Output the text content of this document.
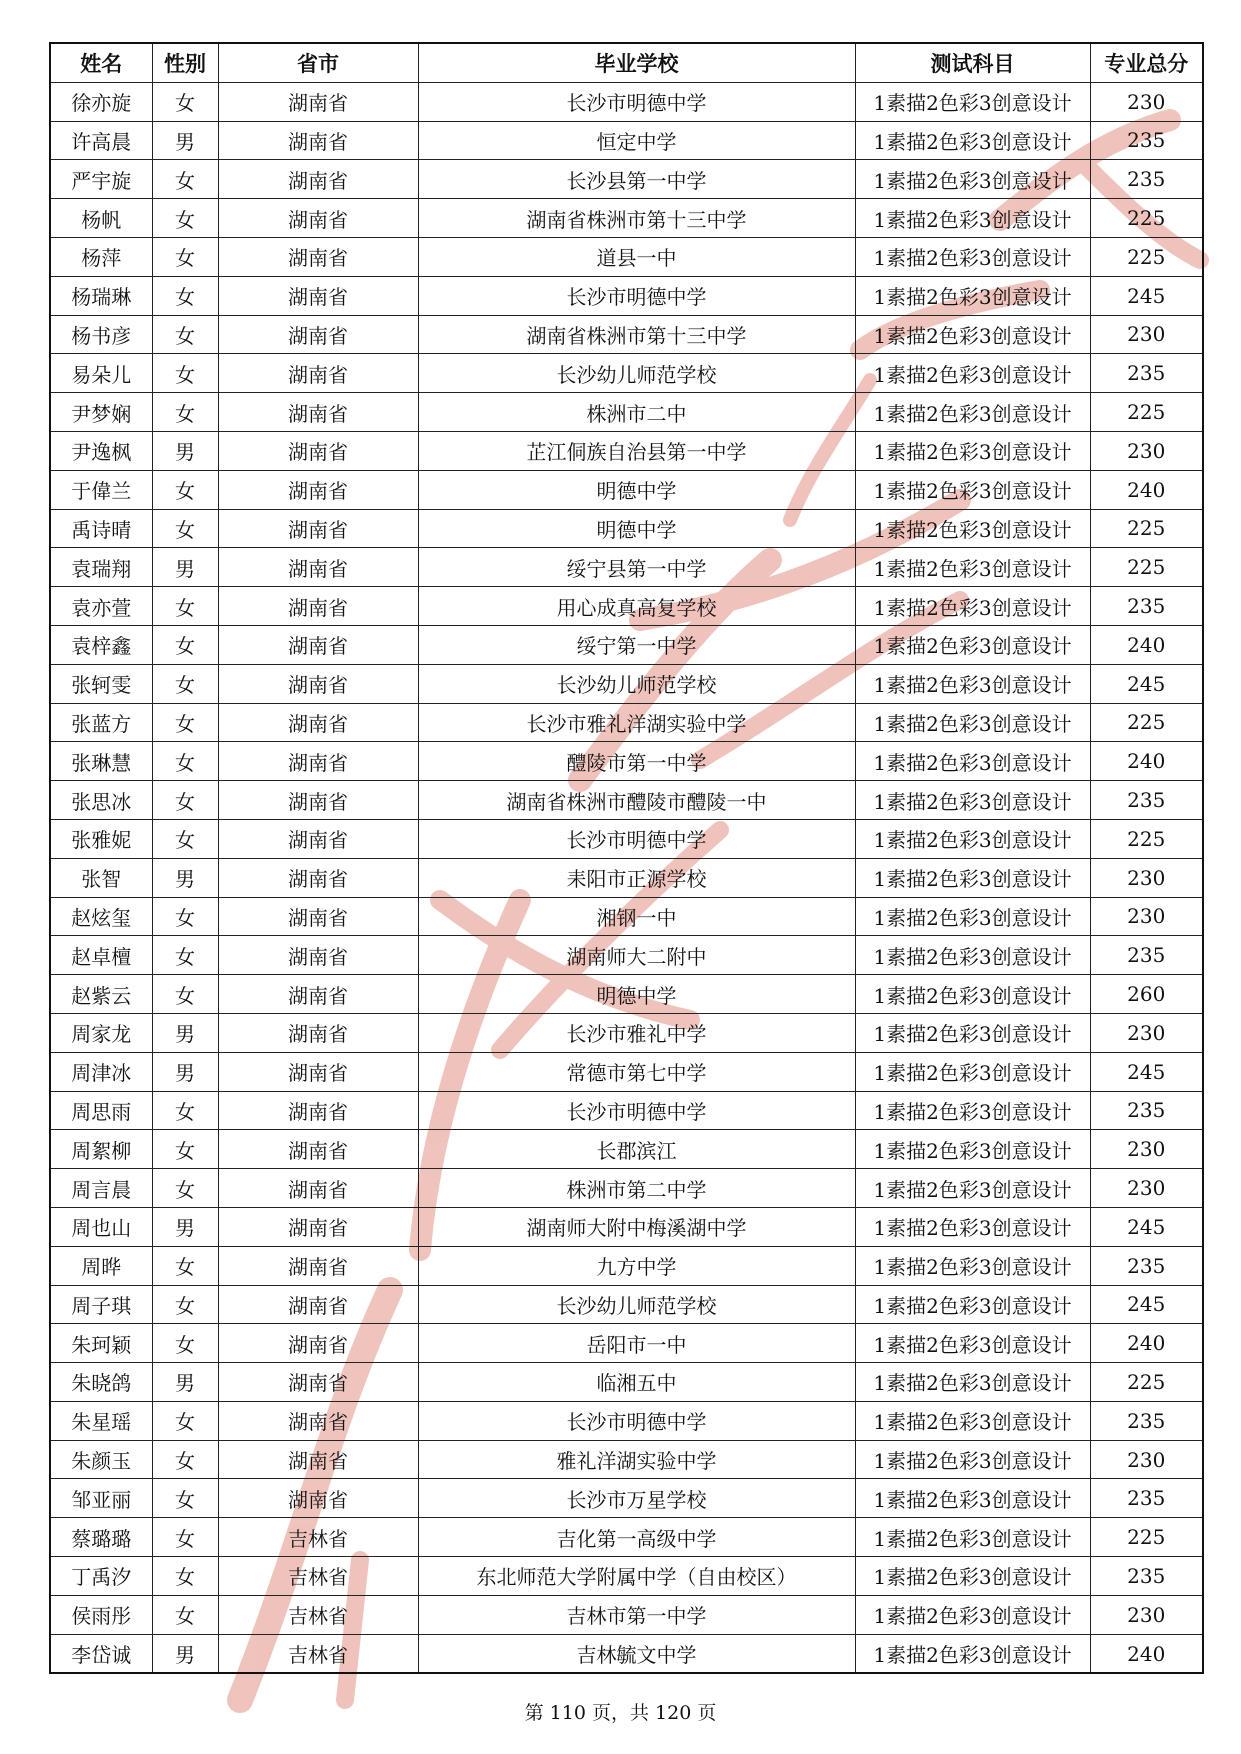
姓名	性别	省市	毕业学校	测试科目	专业总分
徐亦旋	女	湖南省	长沙市明德中学	1素描2色彩3创意设计	230
许高晨	男	湖南省	恒定中学	1素描2色彩3创意设计	235
严宇旋	女	湖南省	长沙县第一中学	1素描2色彩3创意设计	235
杨帆	女	湖南省	湖南省株洲市第十三中学	1素描2色彩3创意设计	225
杨萍	女	湖南省	道县一中	1素描2色彩3创意设计	225
杨瑞琳	女	湖南省	长沙市明德中学	1素描2色彩3创意设计	245
杨书彦	女	湖南省	湖南省株洲市第十三中学	1素描2色彩3创意设计	230
易朵儿	女	湖南省	长沙幼儿师范学校	1素描2色彩3创意设计	235
尹梦娴	女	湖南省	株洲市二中	1素描2色彩3创意设计	225
尹逸枫	男	湖南省	芷江侗族自治县第一中学	1素描2色彩3创意设计	230
于偉兰	女	湖南省	明德中学	1素描2色彩3创意设计	240
禹诗晴	女	湖南省	明德中学	1素描2色彩3创意设计	225
袁瑞翔	男	湖南省	绥宁县第一中学	1素描2色彩3创意设计	225
袁亦萱	女	湖南省	用心成真高复学校	1素描2色彩3创意设计	235
袁梓鑫	女	湖南省	绥宁第一中学	1素描2色彩3创意设计	240
张轲雯	女	湖南省	长沙幼儿师范学校	1素描2色彩3创意设计	245
张蓝方	女	湖南省	长沙市雅礼洋湖实验中学	1素描2色彩3创意设计	225
张琳慧	女	湖南省	醴陵市第一中学	1素描2色彩3创意设计	240
张思冰	女	湖南省	湖南省株洲市醴陵市醴陵一中	1素描2色彩3创意设计	235
张雅妮	女	湖南省	长沙市明德中学	1素描2色彩3创意设计	225
张智	男	湖南省	耒阳市正源学校	1素描2色彩3创意设计	230
赵炫玺	女	湖南省	湘钢一中	1素描2色彩3创意设计	230
赵卓檀	女	湖南省	湖南师大二附中	1素描2色彩3创意设计	235
赵紫云	女	湖南省	明德中学	1素描2色彩3创意设计	260
周家龙	男	湖南省	长沙市雅礼中学	1素描2色彩3创意设计	230
周津冰	男	湖南省	常德市第七中学	1素描2色彩3创意设计	245
周思雨	女	湖南省	长沙市明德中学	1素描2色彩3创意设计	235
周絮柳	女	湖南省	长郡滨江	1素描2色彩3创意设计	230
周言晨	女	湖南省	株洲市第二中学	1素描2色彩3创意设计	230
周也山	男	湖南省	湖南师大附中梅溪湖中学	1素描2色彩3创意设计	245
周晔	女	湖南省	九方中学	1素描2色彩3创意设计	235
周子琪	女	湖南省	长沙幼儿师范学校	1素描2色彩3创意设计	245
朱珂颖	女	湖南省	岳阳市一中	1素描2色彩3创意设计	240
朱晓鸽	男	湖南省	临湘五中	1素描2色彩3创意设计	225
朱星瑶	女	湖南省	长沙市明德中学	1素描2色彩3创意设计	235
朱颜玉	女	湖南省	雅礼洋湖实验中学	1素描2色彩3创意设计	230
邹亚丽	女	湖南省	长沙市万星学校	1素描2色彩3创意设计	235
蔡璐璐	女	吉林省	吉化第一高级中学	1素描2色彩3创意设计	225
丁禹汐	女	吉林省	东北师范大学附属中学（自由校区）	1素描2色彩3创意设计	235
侯雨彤	女	吉林省	吉林市第一中学	1素描2色彩3创意设计	230
李岱诚	男	吉林省	吉林毓文中学	1素描2色彩3创意设计	240
第 110 页，共 120 页
